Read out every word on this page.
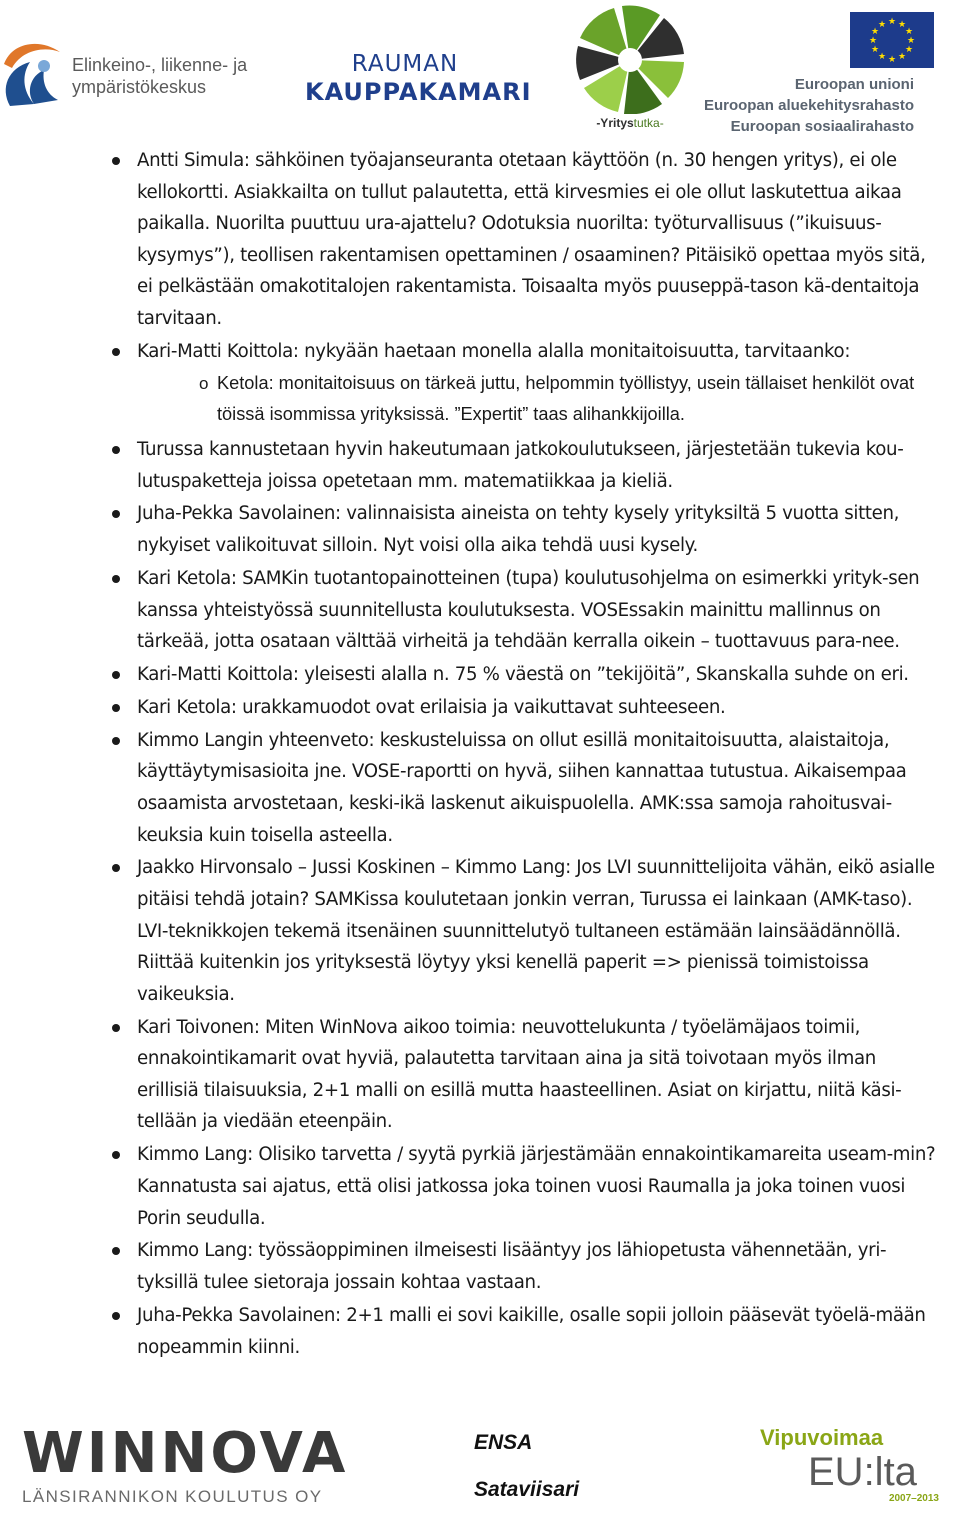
Elinkeino-, liikenne- ja
ympäristökeskus
RAUMAN
KAUPPAKAMARI
-Yritystutka-
★ ★
★
★
★
★
★
★
★
★
★
★
Euroopan unioni
Euroopan aluekehitysrahasto
Euroopan sosiaalirahasto
Antti Simula: sähköinen työajanseuranta otetaan käyttöön (n. 30 hengen yritys), ei ole kellokortti. Asiakkailta on tullut palautetta, että kirvesmies ei ole ollut laskutettua aikaa paikalla. Nuorilta puuttuu ura-ajattelu? Odotuksia nuorilta: työturvallisuus (”ikuisuus-kysymys”), teollisen rakentamisen opettaminen / osaaminen? Pitäisikö opettaa myös sitä, ei pelkästään omakotitalojen rakentamista. Toisaalta myös puuseppä-tason kä-dentaitoja tarvitaan.
Kari-Matti Koittola: nykyään haetaan monella alalla monitaitoisuutta, tarvitaanko:
o Ketola: monitaitoisuus on tärkeä juttu, helpommin työllistyy, usein tällaiset henkilöt ovat töissä isommissa yrityksissä. ”Expertit” taas alihankkijoilla.
Turussa kannustetaan hyvin hakeutumaan jatkokoulutukseen, järjestetään tukevia kou-lutuspaketteja joissa opetetaan mm. matematiikkaa ja kieliä.
Juha-Pekka Savolainen: valinnaisista aineista on tehty kysely yrityksiltä 5 vuotta sitten, nykyiset valikoituvat silloin. Nyt voisi olla aika tehdä uusi kysely.
Kari Ketola: SAMKin tuotantopainotteinen (tupa) koulutusohjelma on esimerkki yrityk-sen kanssa yhteistyössä suunnitellusta koulutuksesta. VOSEssakin mainittu mallinnus on tärkeää, jotta osataan välttää virheitä ja tehdään kerralla oikein – tuottavuus para-nee.
Kari-Matti Koittola: yleisesti alalla n. 75 % väestä on ”tekijöitä”, Skanskalla suhde on eri.
Kari Ketola: urakkamuodot ovat erilaisia ja vaikuttavat suhteeseen.
Kimmo Langin yhteenveto: keskusteluissa on ollut esillä monitaitoisuutta, alaistaitoja, käyttäytymisasioita jne. VOSE-raportti on hyvä, siihen kannattaa tutustua. Aikaisempaa osaamista arvostetaan, keski-ikä laskenut aikuispuolella. AMK:ssa samoja rahoitusvai-keuksia kuin toisella asteella.
Jaakko Hirvonsalo – Jussi Koskinen – Kimmo Lang: Jos LVI suunnittelijoita vähän, eikö asialle pitäisi tehdä jotain? SAMKissa koulutetaan jonkin verran, Turussa ei lainkaan (AMK-taso). LVI-teknikkojen tekemä itsenäinen suunnittelutyö tultaneen estämään lainsäädännöllä. Riittää kuitenkin jos yrityksestä löytyy yksi kenellä paperit => pienissä toimistoissa vaikeuksia.
Kari Toivonen: Miten WinNova aikoo toimia: neuvottelukunta / työelämäjaos toimii, ennakointikamarit ovat hyviä, palautetta tarvitaan aina ja sitä toivotaan myös ilman erillisiä tilaisuuksia, 2+1 malli on esillä mutta haasteellinen. Asiat on kirjattu, niitä käsi-tellään ja viedään eteenpäin.
Kimmo Lang: Olisiko tarvetta / syytä pyrkiä järjestämään ennakointikamareita useam-min? Kannatusta sai ajatus, että olisi jatkossa joka toinen vuosi Raumalla ja joka toinen vuosi Porin seudulla.
Kimmo Lang: työssäoppiminen ilmeisesti lisääntyy jos lähiopetusta vähennetään, yri-tyksillä tulee sietoraja jossain kohtaa vastaan.
Juha-Pekka Savolainen: 2+1 malli ei sovi kaikille, osalle sopii jolloin pääsevät työelä-mään nopeammin kiinni.
WINNOVA
LÄNSIRANNIKON KOULUTUS OY
ENSA
Sataviisari
Vipuvoimaa
EU:lta
2007–2013
